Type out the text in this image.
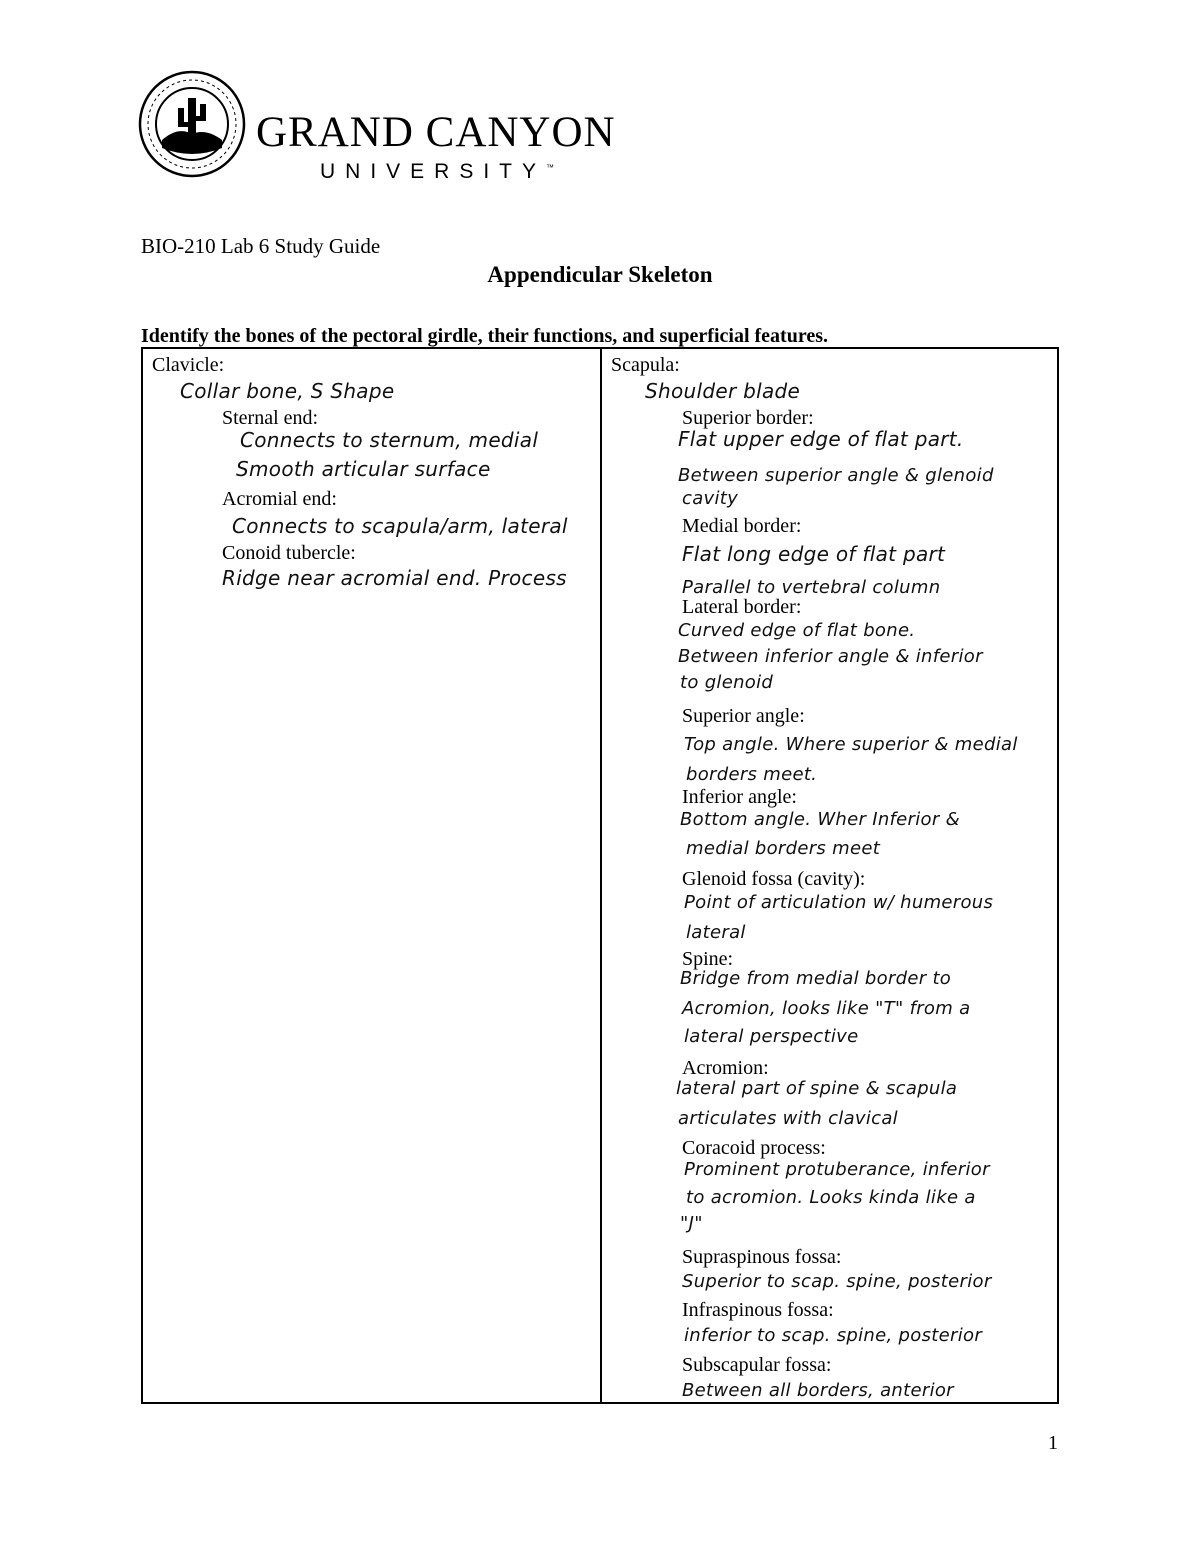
GRAND CANYON
UNIVERSITY™
BIO-210 Lab 6 Study Guide
Appendicular Skeleton
Identify the bones of the pectoral girdle, their functions, and superficial features.
Clavicle:
Collar bone, S Shape
Sternal end:
Connects to sternum, medial
Smooth articular surface
Acromial end:
Connects to scapula/arm, lateral
Conoid tubercle:
Ridge near acromial end. Process
Scapula:
Shoulder blade
Superior border:
Flat upper edge of flat part.
Between superior angle & glenoid
cavity
Medial border:
Flat long edge of flat part
Parallel to vertebral column
Lateral border:
Curved edge of flat bone.
Between inferior angle & inferior
to glenoid
Superior angle:
Top angle. Where superior & medial
borders meet.
Inferior angle:
Bottom angle. Wher Inferior &
medial borders meet
Glenoid fossa (cavity):
Point of articulation w/ humerous
lateral
Spine:
Bridge from medial border to
Acromion, looks like "T" from a
lateral perspective
Acromion:
lateral part of spine & scapula
articulates with clavical
Coracoid process:
Prominent protuberance, inferior
to acromion. Looks kinda like a
"J"
Supraspinous fossa:
Superior to scap. spine, posterior
Infraspinous fossa:
inferior to scap. spine, posterior
Subscapular fossa:
Between all borders, anterior
1
